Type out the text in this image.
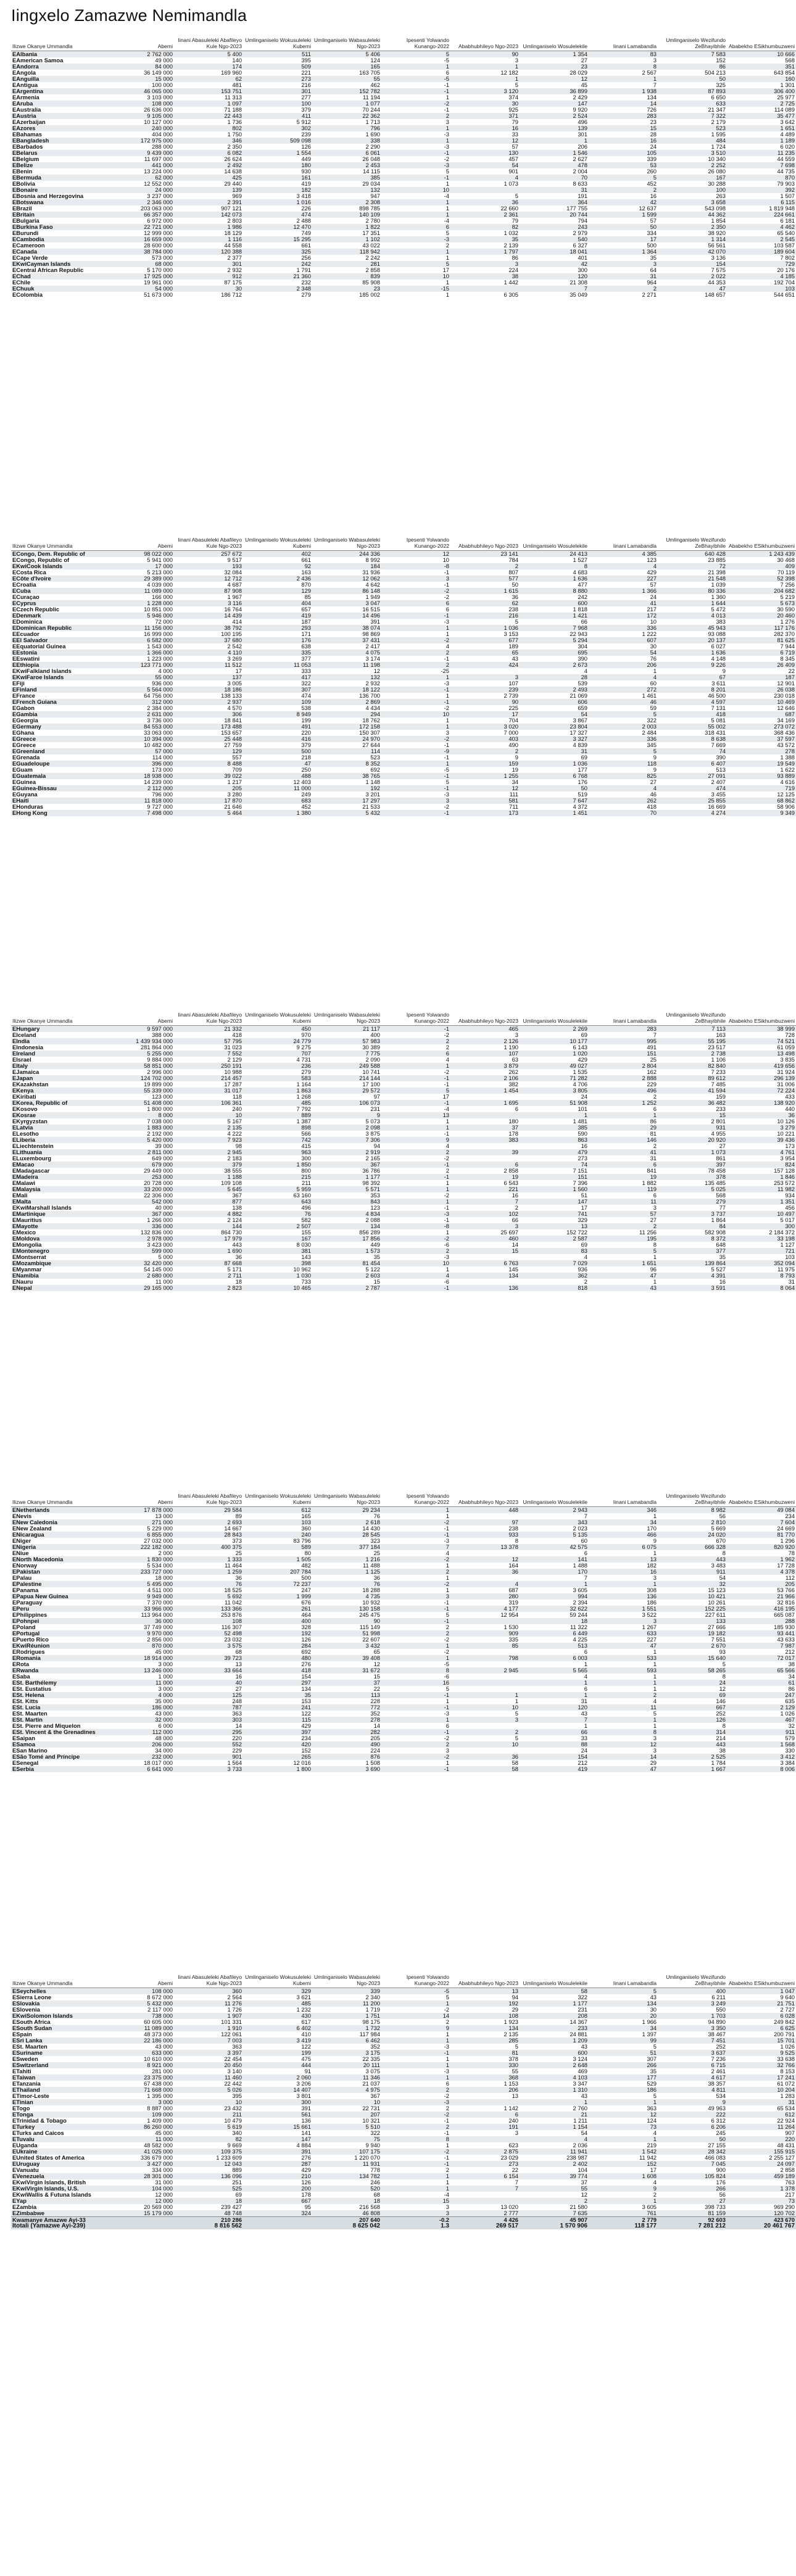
Iingxelo Zamazwe Nemimandla
Ilizwe Okanye Ummandla	Abemi	Iinani Abasuleleki Abafileyo Kule Ngo-2023	Umlinganiselo Wokusuleleki Kubemi	Umlinganiselo Wabasuleleki Ngo-2023	Ipesenti Yolwando Kunango-2022	Ababhubhileyo Ngo-2023	Umlinganiselo Wosulelekile	Iinani Lamabandla	Umlinganiselo Wezifundo ZeBhayibhile	Ababekho ESikhumbuzweni
EAlbania	2 762 000	5 400	511	5 406	5	90	1 354	83	7 583	10 666
EAmerican Samoa	49 000	140	395	124	-5	3	27	3	152	568
EAndorra	84 000	174	509	165	1	1	23	8	86	351
EAngola	36 149 000	169 960	221	163 705	6	12 182	28 029	2 567	504 213	643 854
EAnguilla	15 000	62	273	55	-5	1	12	1	50	160
EAntigua	100 000	481	216	462	-1	5	45	7	325	1 301
EArgentina	46 065 000	153 751	301	152 782	-1	3 120	36 899	1 938	87 893	306 400
EArmenia	3 103 000	11 313	277	11 194	1	374	2 429	134	6 650	25 977
EAruba	108 000	1 097	100	1 077	-2	30	147	14	633	2 725
EAustralia	26 636 000	71 188	379	70 244	-1	925	9 920	726	21 347	114 089
EAustria	9 105 000	22 443	411	22 362	2	371	2 524	283	7 322	35 477
EAzerbaijan	10 127 000	1 736	5 912	1 713	3	79	496	23	2 179	3 642
EAzores	240 000	802	302	796	1	16	139	15	523	1 651
EBahamas	404 000	1 750	239	1 690	-3	33	301	28	1 595	4 489
EBangladesh	172 975 000	346	509 098	338	1	12	1	16	484	1 189
EBarbados	288 000	2 350	126	2 290	-3	57	206	24	1 724	6 020
EBelarus	9 439 000	6 082	1 554	6 061	-1	130	1 546	105	3 510	11 235
EBelgium	11 697 000	26 624	449	26 048	-2	457	2 627	339	10 340	44 559
EBelize	441 000	2 492	180	2 453	-3	54	478	53	2 252	7 698
EBenin	13 224 000	14 638	930	14 115	5	901	2 004	260	26 080	44 735
EBermuda	62 000	425	161	385	-1	4	70	5	167	870
EBolivia	12 552 000	29 440	419	29 034	1	1 073	8 633	452	30 288	79 903
EBonaire	24 000	139	182	132	10		31	2	100	392
EBosnia and Herzegovina	3 237 000	969	3 418	947	-4	5	191	16	263	1 507
EBotswana	2 346 000	2 391	1 016	2 308	1	36	364	42	3 658	6 115
EBrazil	203 063 000	907 121	226	898 785	1	22 660	177 755	12 637	543 098	1 819 948
EBritain	66 357 000	142 073	474	140 109	1	2 361	20 744	1 599	44 362	224 661
EBulgaria	6 972 000	2 803	2 488	2 780	-4	79	794	57	1 854	6 181
EBurkina Faso	22 721 000	1 986	12 470	1 822	6	82	243	50	2 350	4 462
EBurundi	12 999 000	18 129	749	17 351	5	1 032	2 979	334	38 920	65 540
ECambodia	16 659 000	1 116	15 295	1 102	-3	35	540	17	1 314	2 545
ECameroon	28 600 000	44 558	661	43 022	2	2 139	6 327	500	56 561	103 587
ECanada	38 784 000	120 388	325	118 942	1	1 797	18 041	1 364	42 070	189 604
ECape Verde	573 000	2 377	256	2 242	1	86	401	35	3 136	7 802
EKwiCayman Islands	68 000	301	242	281	5	3	42	3	154	729
ECentral African Republic	5 170 000	2 932	1 791	2 858	17	224	300	64	7 575	20 176
EChad	17 925 000	912	21 360	839	10	38	120	31	2 022	4 185
EChile	19 961 000	87 175	232	85 908	1	1 442	21 308	964	44 353	192 704
EChuuk	54 000	30	2 348	23	-15		7	2	47	103
EColombia	51 673 000	186 712	279	185 002	1	6 305	35 049	2 271	148 657	544 651
Ilizwe Okanye Ummandla	Abemi	Iinani Abasuleleki Abafileyo Kule Ngo-2023	Umlinganiselo Wokusuleleki Kubemi	Umlinganiselo Wabasuleleki Ngo-2023	Ipesenti Yolwando Kunango-2022	Ababhubhileyo Ngo-2023	Umlinganiselo Wosulelekile	Iinani Lamabandla	Umlinganiselo Wezifundo ZeBhayibhile	Ababekho ESikhumbuzweni
ECongo, Dem. Republic of	98 022 000	257 672	402	244 336	12	23 141	24 413	4 385	640 428	1 243 439
ECongo, Republic of	5 941 000	9 517	661	8 992	10	784	1 527	123	23 885	30 468
EKwiCook Islands	17 000	193	92	184	-8	2	8	4	72	409
ECosta Rica	5 213 000	32 084	163	31 936	-1	807	4 683	429	21 398	70 119
ECôte d'Ivoire	29 389 000	12 712	2 436	12 062	3	577	1 636	227	21 548	52 398
ECroatia	4 039 000	4 687	870	4 642	-1	50	477	57	1 039	7 256
ECuba	11 089 000	87 908	129	86 148	-2	1 615	8 880	1 366	80 336	204 682
ECuraçao	166 000	1 967	85	1 949	-2	36	242	24	1 360	5 219
ECyprus	1 228 000	3 116	404	3 047	6	62	600	41	1 644	5 673
ECzech Republic	10 851 000	16 764	657	16 515	6	238	1 818	217	5 472	30 590
EDenmark	5 946 000	14 439	419	14 496	-1	216	1 421	172	4 013	20 460
EDominica	72 000	414	187	391	-3	5	66	10	383	1 276
EDominican Republic	11 156 000	38 792	293	38 074	1	1 036	7 968	336	45 943	117 176
EEcuador	16 999 000	100 195	171	98 869	1	3 153	22 943	1 222	93 088	282 370
EEl Salvador	6 582 000	37 680	176	37 431	-2	677	5 294	607	20 137	81 625
EEquatorial Guinea	1 543 000	2 542	638	2 417	4	189	304	30	6 027	7 944
EEstonia	1 366 000	4 110	335	4 075	2	65	695	54	1 636	6 719
EEswatini	1 223 000	3 269	377	3 174	-1	43	390	76	4 148	8 345
EEthiopia	123 771 000	11 512	11 053	11 198	2	424	2 673	206	9 226	26 409
EKwiFalkland Islands	4 000	17	333	12	-25		4	1	9	22
EKwiFaroe Islands	55 000	137	417	132	1	3	28	4	67	187
EFiji	936 000	3 005	322	2 932	-3	107	539	60	3 611	12 901
EFinland	5 564 000	18 186	307	18 122	-1	239	2 493	272	8 201	26 038
EFrance	64 756 000	138 133	474	136 700	1	2 739	21 069	1 461	46 500	230 018
EFrench Guiana	312 000	2 937	109	2 869	-1	90	606	46	4 597	10 469
EGabon	2 384 000	4 570	538	4 434	-2	225	659	59	7 131	12 646
EGambia	2 631 000	306	8 949	294	10	17	54	5	418	687
EGeorgia	3 736 000	18 841	199	18 762	1	704	3 867	322	5 081	34 169
EGermany	84 553 000	173 488	491	172 158	1	3 020	23 804	2 003	55 002	273 072
EGhana	33 063 000	153 657	220	150 307	3	7 000	17 327	2 484	318 431	368 436
EGreece	10 394 000	25 448	416	24 970	-2	403	3 327	336	8 638	37 597
EGreece	10 482 000	27 759	379	27 644	-1	490	4 839	345	7 669	43 572
EGreenland	57 000	129	500	114	-9	2	31	5	74	278
EGrenada	114 000	557	218	523	-1	9	69	9	390	1 388
EGuadeloupe	396 000	8 488	47	8 352	1	159	1 036	118	6 407	19 549
EGuam	173 000	709	250	692	-5	19	177	9	513	1 622
EGuatemala	18 938 000	39 022	488	38 765	-1	1 255	6 768	825	27 091	93 889
EGuinea	14 239 000	1 217	12 403	1 148	5	34	176	27	2 407	4 616
EGuinea-Bissau	2 112 000	205	11 000	192	-1	12	50	4	474	719
EGuyana	796 000	3 280	249	3 201	-3	111	519	46	3 455	12 125
EHaiti	11 818 000	17 870	683	17 297	3	581	7 647	262	25 855	68 862
EHonduras	9 727 000	21 646	452	21 533	-2	711	4 372	418	16 669	58 906
EHong Kong	7 498 000	5 464	1 380	5 432	-1	173	1 451	70	4 274	9 349
Ilizwe Okanye Ummandla	Abemi	Iinani Abasuleleki Abafileyo Kule Ngo-2023	Umlinganiselo Wokusuleleki Kubemi	Umlinganiselo Wabasuleleki Ngo-2023	Ipesenti Yolwando Kunango-2022	Ababhubhileyo Ngo-2023	Umlinganiselo Wosulelekile	Iinani Lamabandla	Umlinganiselo Wezifundo ZeBhayibhile	Ababekho ESikhumbuzweni
EHungary	9 597 000	21 332	450	21 117	-1	465	2 269	283	7 113	38 999
EIceland	388 000	418	970	400	-2	3	69	7	163	728
EIndia	1 439 934 000	57 795	24 779	57 983	2	2 126	10 177	995	55 195	74 521
EIndonesia	281 864 000	31 023	9 275	30 389	2	1 190	6 143	491	23 517	61 059
EIreland	5 255 000	7 552	707	7 775	6	107	1 020	151	2 738	13 498
EIsrael	9 884 000	2 129	4 731	2 090	4	63	429	25	1 106	3 835
EItaly	58 851 000	250 191	236	249 588	1	3 879	49 027	2 804	82 840	419 656
EJamaica	2 996 000	10 988	279	10 741	-2	262	1 535	162	7 233	31 924
EJapan	124 702 000	214 457	583	214 144	-1	2 106	71 282	2 888	89 612	296 139
EKazakhstan	19 899 000	17 287	1 164	17 100	-1	382	4 706	229	7 485	31 006
EKenya	55 339 000	31 017	1 863	29 572	5	1 454	3 805	496	41 594	72 224
EKiribati	123 000	118	1 268	97	17		24	2	159	433
EKorea, Republic of	51 408 000	106 361	485	106 073	-1	1 695	51 908	1 252	36 482	138 920
EKosovo	1 800 000	240	7 792	231	-4	6	101	6	233	440
EKosrae	8 000	10	889	9	13		1	1	15	36
EKyrgyzstan	7 038 000	5 167	1 387	5 073	1	180	1 481	86	2 801	10 126
ELatvia	1 883 000	2 135	898	2 098	1	37	385	29	931	3 279
ELesotho	2 192 000	4 222	566	3 875	-1	178	590	81	4 955	10 221
ELiberia	5 420 000	7 923	742	7 306	9	383	863	146	20 920	39 436
ELiechtenstein	39 000	98	415	94	4		16	2	27	173
ELithuania	2 811 000	2 945	963	2 919	2	39	479	41	1 073	4 761
ELuxembourg	649 000	2 183	300	2 165	-2		273	31	861	3 954
EMacao	679 000	379	1 850	367	-1	6	74	6	397	824
EMadagascar	29 449 000	38 555	800	36 786	2	2 858	7 151	841	78 458	157 128
EMadeira	253 000	1 188	215	1 177	-1	19	151	19	378	1 846
EMalawi	20 728 000	109 108	211	98 392	1	6 543	7 396	1 882	135 485	253 572
EMalaysia	33 200 000	5 645	5 959	5 571	1	221	1 560	119	5 025	11 982
EMali	22 306 000	367	63 160	353	-2	16	51	6	568	934
EMalta	542 000	877	643	843	1	7	147	11	279	1 351
EKwiMarshall Islands	40 000	138	496	123	-1	2	17	3	77	456
EMartinique	367 000	4 882	76	4 834	-3	102	741	57	3 737	10 497
EMauritius	1 266 000	2 124	582	2 088	-1	66	329	27	1 864	5 017
EMayotte	336 000	144	2 507	134	-8	3	13	2	84	300
EMexico	132 836 000	864 730	155	856 289	1	25 697	152 722	11 256	582 908	2 184 372
EMoldova	2 978 000	17 979	167	17 856	-2	460	2 587	195	8 372	33 198
EMongolia	3 423 000	443	8 030	449	-6	14	69	8	648	1 127
EMontenegro	599 000	1 690	381	1 573	2	15	83	5	377	721
EMontserrat	5 000	36	143	35	-3		4	1	35	103
EMozambique	32 420 000	87 668	398	81 454	10	6 763	7 029	1 651	139 864	352 094
EMyanmar	54 145 000	5 171	10 962	5 122	1	145	936	96	5 527	11 975
ENamibia	2 680 000	2 711	1 030	2 603	4	134	362	47	4 391	8 793
ENauru	11 000	18	733	15	-6		2	1	16	31
ENepal	29 165 000	2 823	10 465	2 787	-1	136	818	43	3 591	8 064
Ilizwe Okanye Ummandla	Abemi	Iinani Abasuleleki Abafileyo Kule Ngo-2023	Umlinganiselo Wokusuleleki Kubemi	Umlinganiselo Wabasuleleki Ngo-2023	Ipesenti Yolwando Kunango-2022	Ababhubhileyo Ngo-2023	Umlinganiselo Wosulelekile	Iinani Lamabandla	Umlinganiselo Wezifundo ZeBhayibhile	Ababekho ESikhumbuzweni
ENetherlands	17 878 000	29 584	612	29 234	1	448	2 943	346	8 982	49 084
ENevis	13 000	89	165	76	1		7	1	56	234
ENew Caledonia	271 000	2 693	103	2 618	-2	97	343	34	2 810	7 604
ENew Zealand	5 229 000	14 667	360	14 430	-1	238	2 023	170	5 669	24 669
ENicaragua	6 855 000	28 843	240	28 545	-1	933	5 135	466	24 020	81 770
ENiger	27 032 000	373	83 796	323	-3	8	60	9	670	1 296
ENigeria	222 182 000	400 375	589	377 184	7	13 378	42 575	6 075	666 328	820 920
ENiue	2 000	25	80	25	4		6	1	8	78
ENorth Macedonia	1 830 000	1 333	1 505	1 216	-2	12	141	13	443	1 962
ENorway	5 534 000	11 464	482	11 488	1	164	1 488	182	3 483	17 728
EPakistan	233 727 000	1 259	207 784	1 125	2	36	170	16	911	4 378
EPalau	18 000	36	500	36	1		7	3	54	112
EPalestine	5 495 000	76	72 237	76	-2	4	1	1	32	205
EPanama	4 511 000	18 525	247	18 288	1	687	3 605	308	15 123	53 766
EPapua New Guinea	9 949 000	5 692	1 999	4 735	3	280	994	136	10 421	21 966
EParaguay	7 370 000	11 042	676	10 932	-1	319	2 394	186	10 261	32 816
EPeru	33 966 000	133 366	261	130 158	-1	4 177	32 622	1 551	152 225	416 195
EPhilippines	113 964 000	253 876	464	245 475	5	12 954	59 244	3 522	227 611	665 087
EPohnpei	36 000	108	400	90	-1		18	3	133	288
EPoland	37 749 000	116 307	328	115 149	2	1 530	11 322	1 267	27 666	185 930
EPortugal	9 970 000	52 498	192	51 998	2	909	6 449	633	19 182	93 441
EPuerto Rico	2 856 000	23 032	126	22 607	-2	335	4 225	227	7 551	43 633
EKwiRéunion	870 000	3 575	284	3 432	1	85	513	47	2 670	7 987
ERodrigues	45 000	68	692	65	-2		6	1	93	212
ERomania	18 914 000	39 723	480	39 408	1	798	6 003	533	15 640	72 017
ERota	3 000	13	276	12	-5		1	1	5	38
ERwanda	13 246 000	33 664	418	31 672	8	2 945	5 565	593	58 265	65 566
ESaba	1 000	16	154	15	-6		4	1	8	34
ESt. Barthélemy	11 000	40	297	37	16		1	1	24	61
ESt. Eustatius	3 000	27	134	22	5		6	1	12	86
ESt. Helena	4 000	125	35	113	-1	1	1	2	69	247
ESt. Kitts	35 000	248	153	228	1	1	31	4	146	635
ESt. Lucia	186 000	787	241	772	-1	10	120	11	667	2 129
ESt. Maarten	43 000	363	122	352	-3	5	43	5	252	1 026
ESt. Martin	32 000	303	115	278	1	3	7	1	126	467
ESt. Pierre and Miquelon	6 000	14	429	14	6		1	1	8	32
ESt. Vincent & the Grenadines	112 000	295	397	282	-1	2	66	8	314	911
ESaipan	48 000	220	234	205	-2	5	33	3	214	579
ESamoa	206 000	552	420	490	2	10	88	12	443	1 568
ESan Marino	34 000	229	152	224	3		24	3	38	330
ESão Tomé and Príncipe	232 000	901	265	876	-2	36	154	14	2 525	3 412
ESenegal	18 017 000	1 564	12 016	1 508	1	58	212	29	1 784	3 384
ESerbia	6 641 000	3 733	1 800	3 690	-1	58	419	47	1 667	8 006
Ilizwe Okanye Ummandla	Abemi	Iinani Abasuleleki Abafileyo Kule Ngo-2023	Umlinganiselo Wokusuleleki Kubemi	Umlinganiselo Wabasuleleki Ngo-2023	Ipesenti Yolwando Kunango-2022	Ababhubhileyo Ngo-2023	Umlinganiselo Wosulelekile	Iinani Lamabandla	Umlinganiselo Wezifundo ZeBhayibhile	Ababekho ESikhumbuzweni
ESeychelles	108 000	360	329	339	-5	13	58	5	400	1 047
ESierra Leone	8 672 000	2 564	3 621	2 340	5	94	322	43	6 211	9 640
ESlovakia	5 432 000	11 276	485	11 200	1	192	1 177	134	3 249	21 751
ESlovenia	2 117 000	1 726	1 232	1 719	-2	29	231	30	550	2 727
EKwiSolomon Islands	738 000	1 907	430	1 751	14	108	208	20	1 703	6 028
ESouth Africa	60 605 000	101 331	617	98 175	2	1 923	14 367	1 966	94 890	249 842
ESouth Sudan	11 089 000	1 910	6 402	1 732	9	134	233	34	3 350	6 625
ESpain	48 373 000	122 061	410	117 984	1	2 135	24 881	1 397	38 467	200 791
ESri Lanka	22 186 000	7 003	3 419	6 462	1	285	1 209	99	7 451	15 701
ESt. Maarten	43 000	363	122	352	-3	5	43	5	252	1 026
ESuriname	633 000	3 397	199	3 175	-1	81	600	51	3 637	9 525
ESweden	10 610 000	22 454	475	22 335	1	378	3 124	307	7 236	33 638
ESwitzerland	8 921 000	20 450	444	20 111	1	330	2 648	266	6 715	32 766
ETahiti	281 000	3 140	91	3 075	-3	55	469	35	2 461	8 153
ETaiwan	23 375 000	11 460	2 060	11 346	1	368	4 103	177	4 617	17 241
ETanzania	67 438 000	22 442	3 206	21 037	6	1 153	3 347	529	38 357	61 072
EThailand	71 668 000	5 026	14 407	4 975	2	206	1 310	186	4 811	10 204
ETimor-Leste	1 395 000	395	3 801	367	-2	13	43	5	534	1 283
ETinian	3 000	10	300	10	-3		1	1	9	31
ETogo	8 887 000	23 432	391	22 731	2	1 142	2 760	363	49 963	65 534
ETonga	109 000	211	561	207	-2	6	21	12	222	612
ETrinidad & Tobago	1 409 000	10 479	136	10 321	-1	240	1 211	124	6 312	22 924
ETurkey	86 260 000	5 619	15 661	5 510	2	191	1 154	73	6 206	11 264
ETurks and Caicos	45 000	340	141	322	-1	3	54	4	245	907
ETuvalu	11 000	82	147	75	8		4	1	50	220
EUganda	48 582 000	9 669	4 884	9 940	1	623	2 036	219	27 155	48 431
EUkraine	41 025 000	109 375	391	107 175	-2	2 875	11 941	1 542	28 342	155 915
EUnited States of America	336 679 000	1 233 609	276	1 220 070	-1	23 029	238 987	11 942	466 083	2 255 127
EUruguay	3 427 000	12 043	287	11 931	-1	273	2 402	152	7 045	24 097
EVanuatu	334 000	889	429	778	2	22	104	17	900	2 858
EVenezuela	28 301 000	136 096	210	134 782	1	6 154	39 774	1 608	105 824	459 189
EKwiVirgin Islands, British	31 000	251	126	246	1	7	37	4	176	763
EKwiVirgin Islands, U.S.	104 000	525	200	520	1	7	55	9	266	1 378
EKwiWallis & Futuna Islands	12 000	69	178	68	-4		12	2	56	217
EYap	12 000	18	667	18	15		2	1	27	73
EZambia	20 569 000	239 427	95	216 568	3	13 020	21 580	3 605	398 733	969 290
EZimbabwe	15 179 000	48 748	324	46 808	3	2 777	7 635	761	81 159	120 702
Kwamanye Amazwe Ayi-33		210 286		207 640	-0.2	4 426	45 907	2 779	92 603	423 670
Itotali (Yamazwe Ayi-239)		8 816 562		8 625 042	1.3	269 517	1 570 906	118 177	7 281 212	20 461 767
